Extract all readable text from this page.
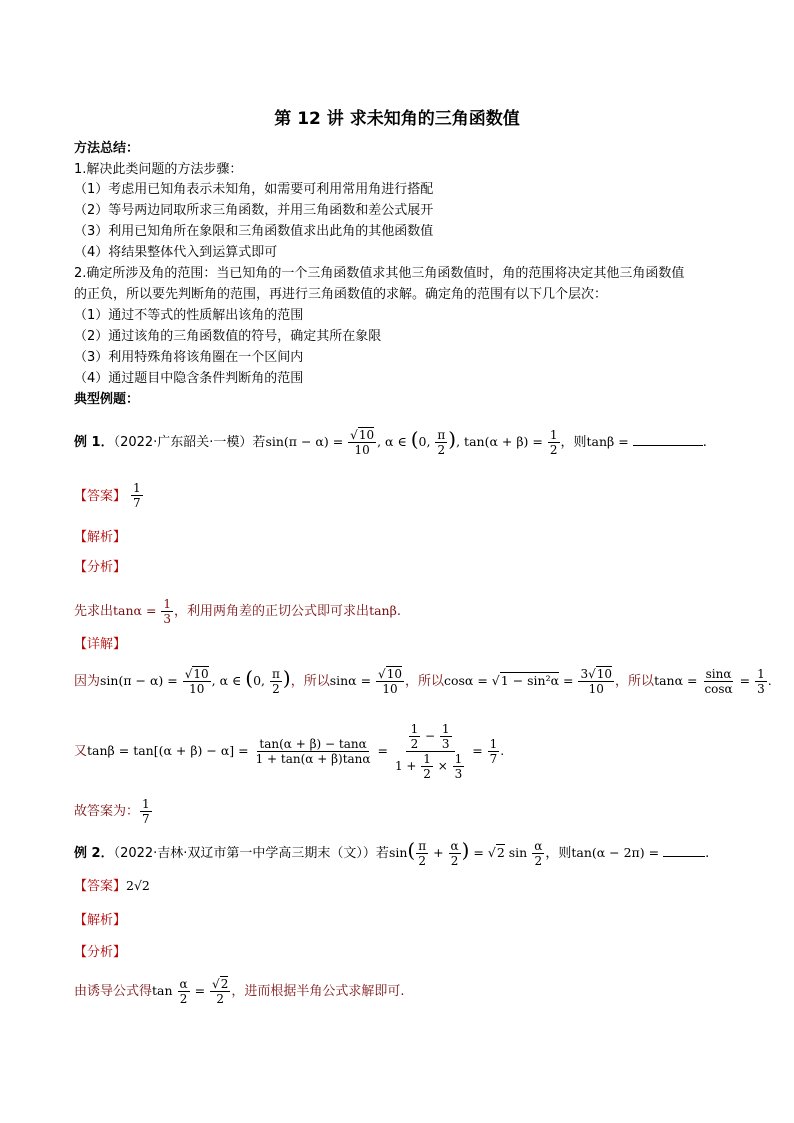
第 12 讲 求未知角的三角函数值
方法总结：
1.解决此类问题的方法步骤：
（1）考虑用已知角表示未知角，如需要可利用常用角进行搭配
（2）等号两边同取所求三角函数，并用三角函数和差公式展开
（3）利用已知角所在象限和三角函数值求出此角的其他函数值
（4）将结果整体代入到运算式即可
2.确定所涉及角的范围：当已知角的一个三角函数值求其他三角函数值时，角的范围将决定其他三角函数值
的正负，所以要先判断角的范围，再进行三角函数值的求解。确定角的范围有以下几个层次：
（1）通过不等式的性质解出该角的范围
（2）通过该角的三角函数值的符号，确定其所在象限
（3）利用特殊角将该角圈在一个区间内
（4）通过题目中隐含条件判断角的范围
典型例题：
例 1．（2022·广东韶关·一模）若$\sin(\pi - \alpha) = \frac{√10}{10}$ , α ∈ (0, $\frac{\pi}{2}$ ), $\tan(\alpha + \beta) = \frac{1}{2}$ ，则tanβ =	.
【答案】 $\frac{1}{7}$
【解析】
【分析】
先求出$\tan\alpha = \frac{1}{3}$ ，利用两角差的正切公式即可求出tanβ.
【详解】
因为$\sin(\pi - \alpha) = \frac{√10}{10}$ , α ∈ (0, $\frac{\pi}{2}$ )，所以$\sin\alpha = \frac{√10}{10}$ ，所以$\cos\alpha = √1 - \sin^2\alpha = \frac{3√10}{10}$ ，所以$\tan\alpha = \frac{\sin\alpha}{\cos\alpha} = \frac{1}{3}$ .
又$\tan\beta = \tan[(\alpha + \beta) - \alpha] = \frac{\tan(\alpha + \beta) - \tan\alpha}{1 + \tan(\alpha + \beta)\tan\alpha} = \frac{\frac{1}{2} - \frac{1}{3}}{1 + \frac{1}{2} \times \frac{1}{3}} = \frac{1}{7}$ .
故答案为： $\frac{1}{7}$
例 2．（2022·吉林·双辽市第一中学高三期末（文））若$\sin( \frac{\pi}{2} + \frac{\alpha}{2}$ ) = √2 $\sin \frac{\alpha}{2}$ ，则tan(α − 2π) =	.
【答案】2√2
【解析】
【分析】
由诱导公式得$\tan \frac{\alpha}{2} = \frac{√2}{2}$ ，进而根据半角公式求解即可.
